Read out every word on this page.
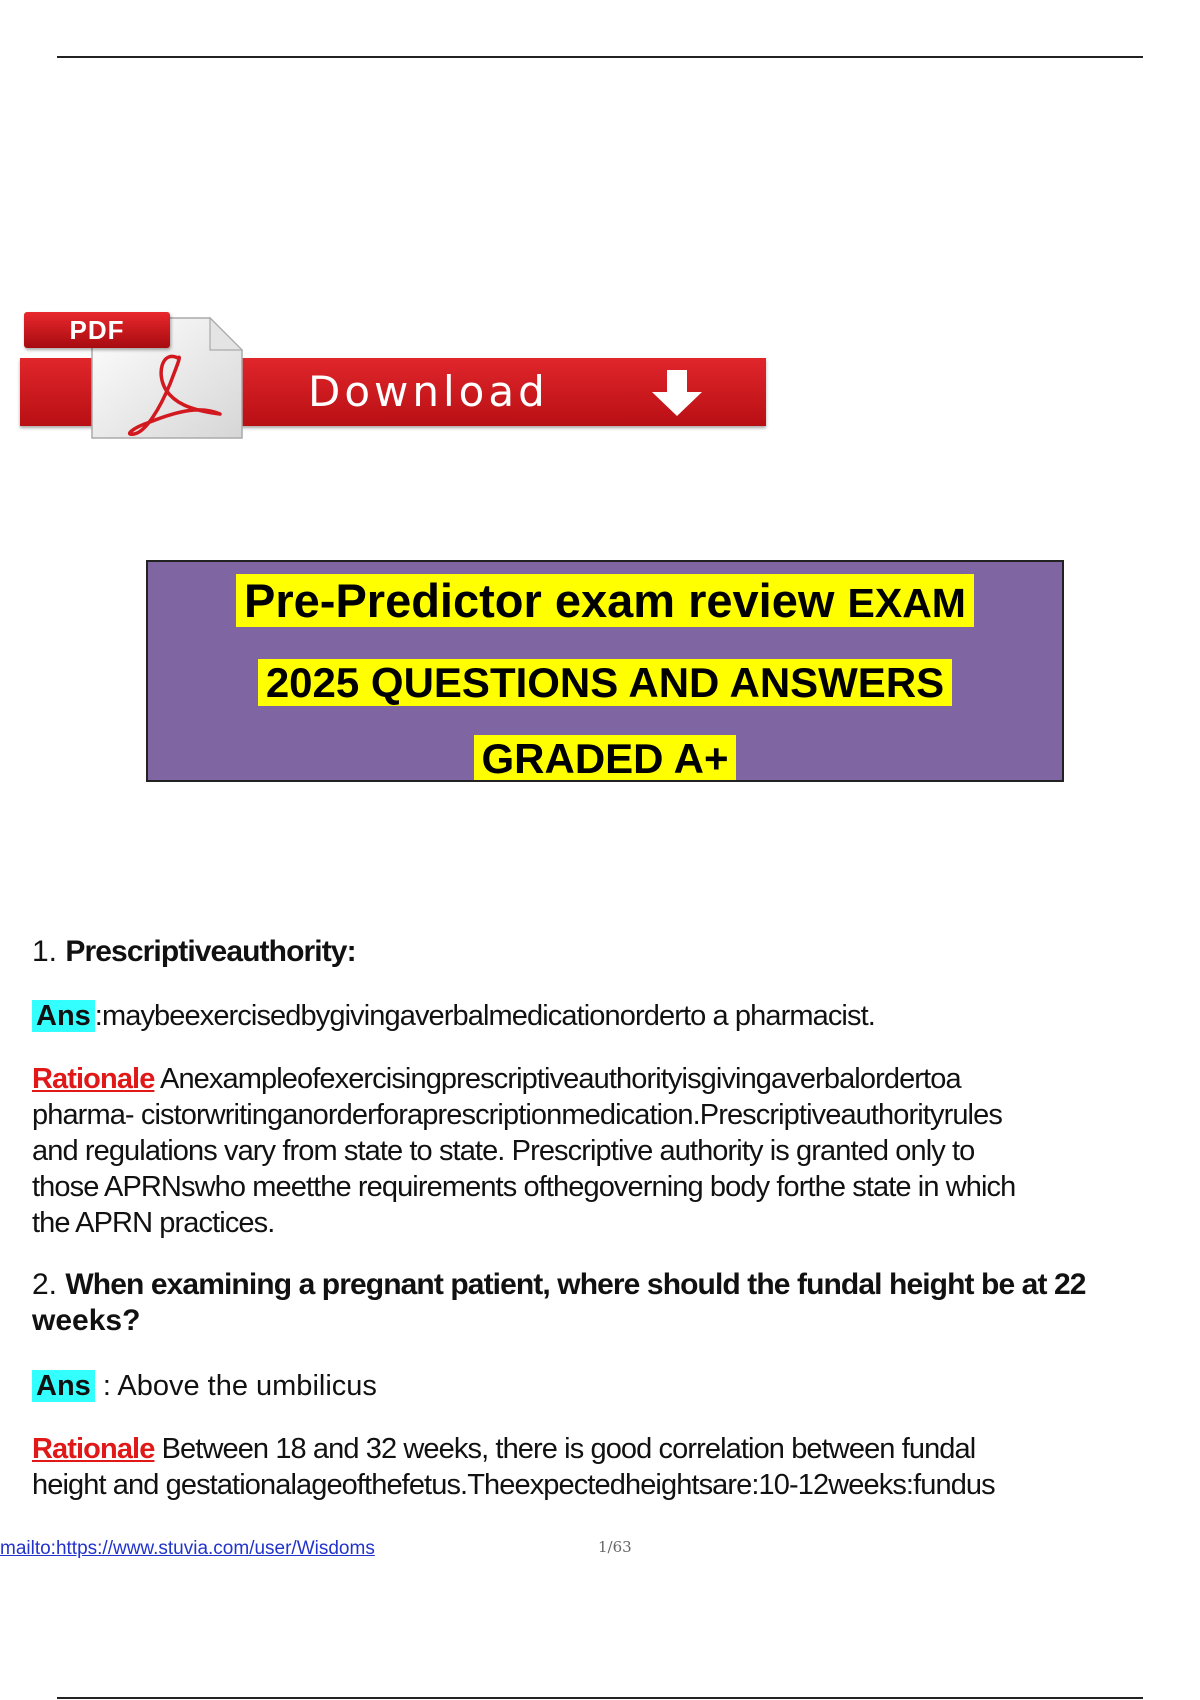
PDF
Download
Pre-Predictor exam review EXAM
2025 QUESTIONS AND ANSWERS
GRADED A+
1. Prescriptiveauthority:
Ans :maybeexercisedbygivingaverbalmedicationorderto a pharmacist.
Rationale Anexampleofexercisingprescriptiveauthorityisgivingaverbalordertoa
pharma- cistorwritinganorderforaprescriptionmedication.Prescriptiveauthorityrules
and regulations vary from state to state. Prescriptive authority is granted only to
those APRNswho meetthe requirements ofthegoverning body forthe state in which
the APRN practices.
2. When examining a pregnant patient, where should the fundal height be at 22
weeks?
Ans : Above the umbilicus
Rationale Between 18 and 32 weeks, there is good correlation between fundal
height and gestationalageofthefetus.Theexpectedheightsare:10-12weeks:fundus
mailto:https://www.stuvia.com/user/Wisdoms	1/63
